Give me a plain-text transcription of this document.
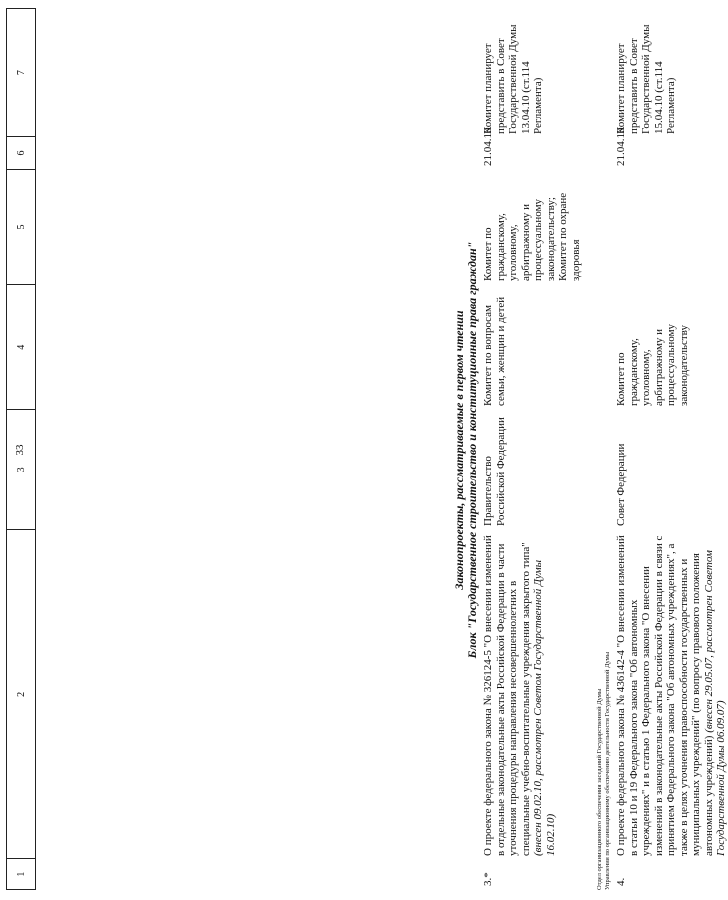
33
1
2
3
4
5
6
7
Законопроекты, рассматриваемые в первом чтении Блок "Государственное строительство и конституционные права граждан"
3.*
О проекте федерального закона № 326124-5 "О внесении изменений в отдельные законодательные акты Российской Федерации в части уточнения процедуры направления несовершеннолетних в специальные учебно-воспитательные учреждения закрытого типа" (внесен 09.02.10, рассмотрен Советом Государственной Думы 16.02.10)
Правительство Российской Федерации
Комитет по вопросам семьи, женщин и детей
Комитет по гражданскому, уголовному, арбитражному и процессуальному законодательству; Комитет по охране здоровья
21.04.10
Комитет планирует представить в Совет Государственной Думы 13.04.10 (ст.114 Регламента)
4.
О проекте федерального закона № 436142-4 "О внесении изменений в статьи 10 и 19 Федерального закона "Об автономных учреждениях" и в статью 1 Федерального закона "О внесении изменений в законодательные акты Российской Федерации в связи с принятием Федерального закона "Об автономных учреждениях", а также в целях уточнения правоспособности государственных и муниципальных учреждений" (по вопросу правового положения автономных учреждений) (внесен 29.05.07, рассмотрен Советом Государственной Думы 06.09.07)
Совет Федерации
Комитет по гражданскому, уголовному, арбитражному и процессуальному законодательству
21.04.10
Комитет планирует представить в Совет Государственной Думы 15.04.10 (ст.114 Регламента)
Отдел организационного обеспечения заседаний Государственной Думы Управления по организационному обеспечению деятельности Государственной Думы
